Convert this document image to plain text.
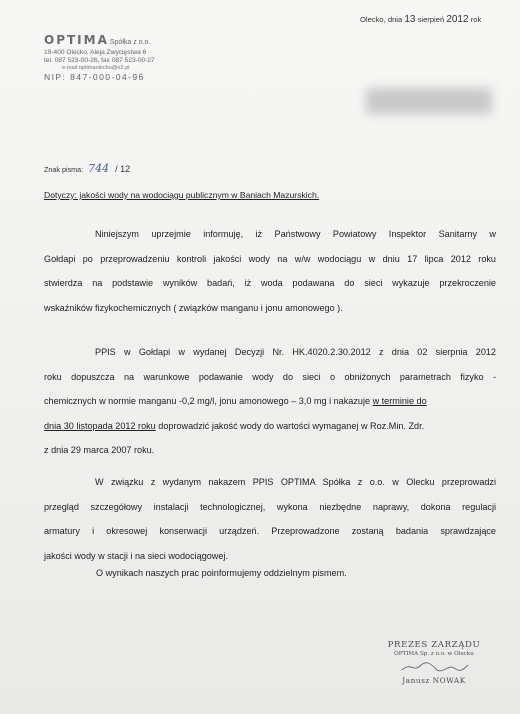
Olecko, dnia 13 sierpień 2012 rok
OPTIMASpółka z o.o.
19-400 Olecko, Aleja Zwycięstwa 6
tel. 087 523-00-26, fax 087 523-00-27
e-mail:optimaolecko@o2.pl
NIP: 847-000-04-96
Znak pisma: 744 / 12
Dotyczy: jakości wody na wodociągu publicznym w Baniach Mazurskich.
Niniejszym uprzejmie informuję, iż Państwowy Powiatowy Inspektor Sanitarny w
Gołdapi po przeprowadzeniu kontroli jakości wody na w/w wodociągu w dniu 17 lipca 2012 roku
stwierdza na podstawie wyników badań, iż woda podawana do sieci wykazuje przekroczenie
wskaźników fizykochemicznych ( związków manganu i jonu amonowego ).
PPIS w Gołdapi w wydanej Decyzji Nr. HK.4020.2.30.2012 z dnia 02 sierpnia 2012
roku dopuszcza na warunkowe podawanie wody do sieci o obniżonych parametrach fizyko -
chemicznych w normie manganu -0,2 mg/l, jonu amonowego – 3,0 mg i nakazuje w terminie do
dnia 30 listopada 2012 roku doprowadzić jakość wody do wartości wymaganej w Roz.Min. Zdr.
z dnia 29 marca 2007 roku.
W związku z wydanym nakazem PPIS OPTIMA Spółka z o.o. w Olecku przeprowadzi
przegląd szczegółowy instalacji technologicznej, wykona niezbędne naprawy, dokona regulacji
armatury i okresowej konserwacji urządzeń. Przeprowadzone zostaną badania sprawdzające
jakości wody w stacji i na sieci wodociągowej.
O wynikach naszych prac poinformujemy oddzielnym pismem.
PREZES ZARZĄDU
OPTIMA Sp. z o.o. w Olecku
Janusz NOWAK
